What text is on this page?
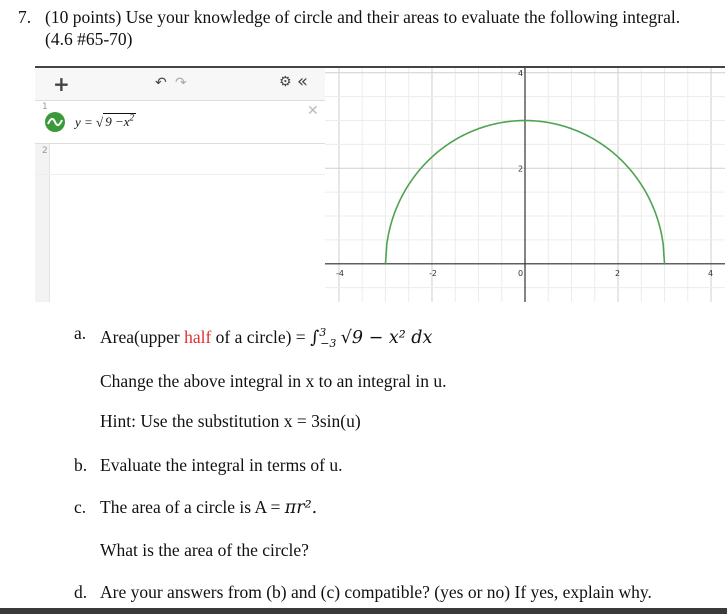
7. (10 points) Use your knowledge of circle and their areas to evaluate the following integral. (4.6 #65-70)
+	↶ ↷	⚙ «
1
y = √ $9 -x^2$	✕
2
-4	-2	0	2	4
2
4
a. Area(upper half of a circle) = ∫$^3_{-3}$ √9 − x² dx
Change the above integral in x to an integral in u.
Hint: Use the substitution x = 3sin(u)
b. Evaluate the integral in terms of u.
c. The area of a circle is A = πr².
What is the area of the circle?
d. Are your answers from (b) and (c) compatible? (yes or no) If yes, explain why.
